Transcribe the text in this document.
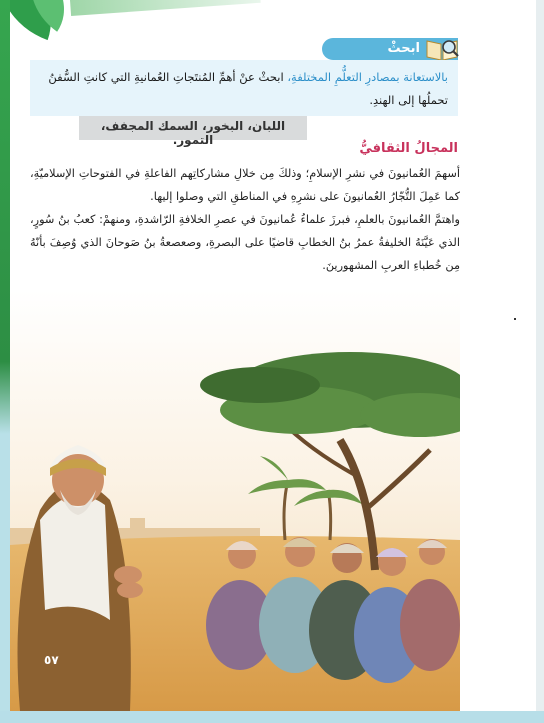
ابحثْ
بالاستعانة بمصادرِ التعلُّمِ المختلفةِ، ابحثْ عنْ أهمِّ المُنتَجاتِ العُمانيةِ التي كانتِ السُّفنُ تحملُها إلى الهندِ.
اللبان، البخور، السمك المجفف، التمور.
المجالُ الثقافيُّ
أسهمَ العُمانيونَ في نشرِ الإسلامِ؛ وذلكَ مِن خلالِ مشاركاتِهم الفاعلةِ في الفتوحاتِ الإسلاميّةِ، كما عَمِلَ التُّجّارُ العُمانيونَ على نشرِهِ في المناطقِ التي وصلوا إليها.
واهتمَّ العُمانيونَ بالعلمِ، فبرزَ علماءُ عُمانيونَ في عصرِ الخلافةِ الرّاشدةِ، ومنهمْ: كعبُ بنُ سُورٍ، الذي عَيَّنَهُ الخليفةُ عمرُ بنُ الخطابِ قاضيًا على البصرةِ، وصعصعةُ بنُ صَوحانَ الذي وُصِفَ بأنّهُ مِن خُطباءِ العربِ المشهورينَ.
٥٧
